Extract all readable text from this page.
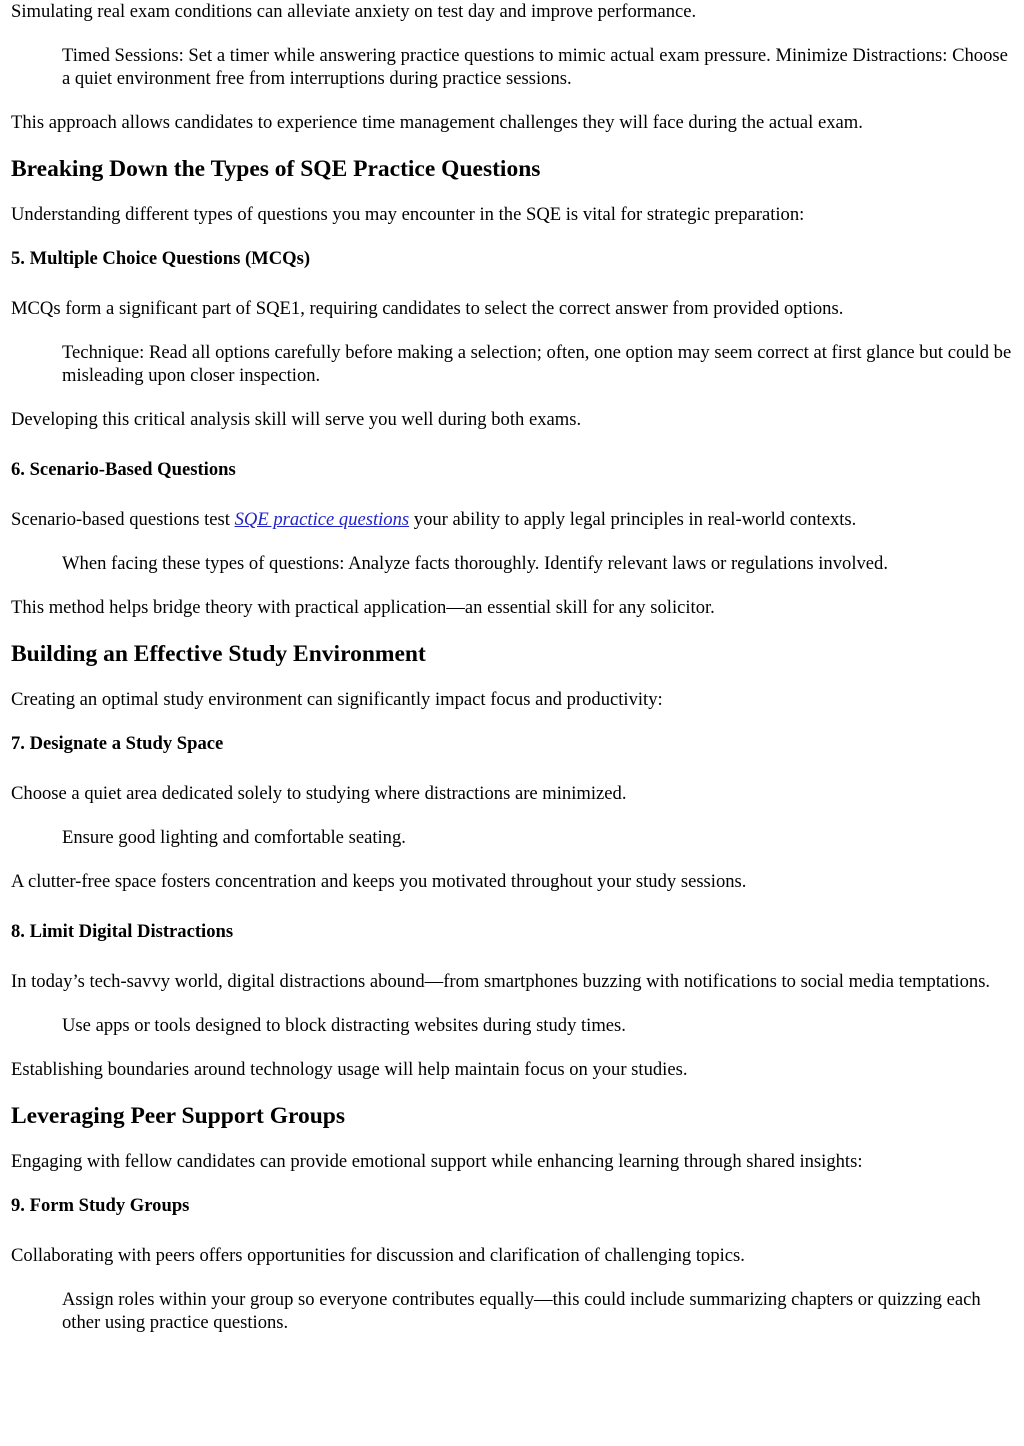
Simulating real exam conditions can alleviate anxiety on test day and improve performance.

Timed Sessions: Set a timer while answering practice questions to mimic actual exam pressure. Minimize Distractions: Choose a quiet environment free from interruptions during practice sessions.

This approach allows candidates to experience time management challenges they will face during the actual exam.

Breaking Down the Types of SQE Practice Questions

Understanding different types of questions you may encounter in the SQE is vital for strategic preparation:

5. Multiple Choice Questions (MCQs)

MCQs form a significant part of SQE1, requiring candidates to select the correct answer from provided options.

Technique: Read all options carefully before making a selection; often, one option may seem correct at first glance but could be misleading upon closer inspection.

Developing this critical analysis skill will serve you well during both exams.

6. Scenario-Based Questions

Scenario-based questions test SQE practice questions your ability to apply legal principles in real-world contexts.

When facing these types of questions: Analyze facts thoroughly. Identify relevant laws or regulations involved.

This method helps bridge theory with practical application—an essential skill for any solicitor.

Building an Effective Study Environment

Creating an optimal study environment can significantly impact focus and productivity:

7. Designate a Study Space

Choose a quiet area dedicated solely to studying where distractions are minimized.

Ensure good lighting and comfortable seating.

A clutter-free space fosters concentration and keeps you motivated throughout your study sessions.

8. Limit Digital Distractions

In today’s tech-savvy world, digital distractions abound—from smartphones buzzing with notifications to social media temptations.

Use apps or tools designed to block distracting websites during study times.

Establishing boundaries around technology usage will help maintain focus on your studies.

Leveraging Peer Support Groups

Engaging with fellow candidates can provide emotional support while enhancing learning through shared insights:

9. Form Study Groups

Collaborating with peers offers opportunities for discussion and clarification of challenging topics.

Assign roles within your group so everyone contributes equally—this could include summarizing chapters or quizzing each other using practice questions.
